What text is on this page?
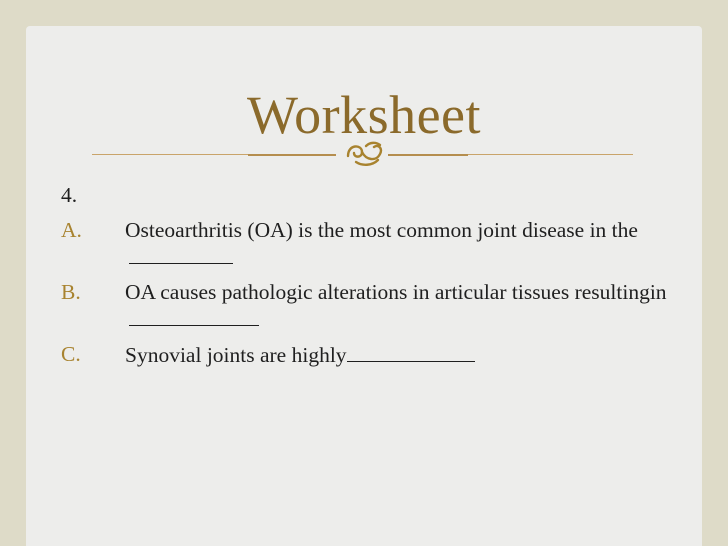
Worksheet
4.
A. Osteoarthritis (OA) is the most common joint disease in the
B. OA causes pathologic alterations in articular tissues resultingin
C. Synovial joints are highly
